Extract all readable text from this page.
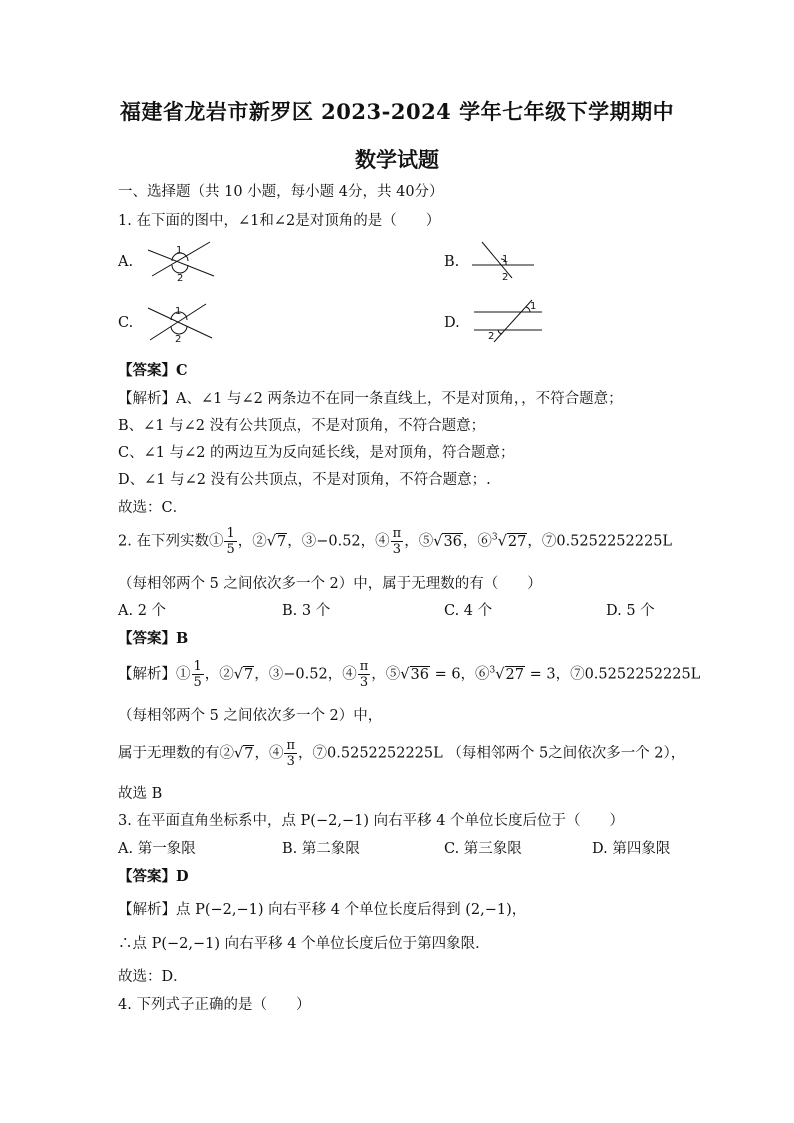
福建省龙岩市新罗区 2023-2024 学年七年级下学期期中
数学试题
一、选择题（共 10 小题，每小题 4分，共 40分）
1. 在下面的图中，∠1和∠2是对顶角的是（　　）
A.
1
2
B.	1
2
C.
1
2
D.
1
2
【答案】C
【解析】A、∠1 与∠2 两条边不在同一条直线上，不是对顶角，，不符合题意；
B、∠1 与∠2 没有公共顶点，不是对顶角，不符合题意；
C、∠1 与∠2 的两边互为反向延长线，是对顶角，符合题意；
D、∠1 与∠2 没有公共顶点，不是对顶角，不符合题意；.
故选：C．
2. 在下列实数① $\frac{1}{5}$ ，②√7，③−0.52，④ $\frac{\pi}{3}$ ，⑤√36，⑥$^3$√27，⑦0.5252252225L
（每相邻两个 5 之间依次多一个 2）中，属于无理数的有（　　）
A. 2 个	B. 3 个	C. 4 个	D. 5 个
【答案】B
【解析】① $\frac{1}{5}$ ，②√7，③−0.52，④ $\frac{\pi}{3}$ ，⑤√36 = 6，⑥$^3$√27 = 3，⑦0.5252252225L
（每相邻两个 5 之间依次多一个 2）中，
属于无理数的有②√7，④ $\frac{\pi}{3}$ ，⑦0.5252252225L （每相邻两个 5之间依次多一个 2），
故选 B
3. 在平面直角坐标系中，点 P(−2,−1) 向右平移 4 个单位长度后位于（　　）
A. 第一象限	B. 第二象限	C. 第三象限	D. 第四象限
【答案】D
【解析】点 P(−2,−1) 向右平移 4 个单位长度后得到 (2,−1)，
∴点 P(−2,−1) 向右平移 4 个单位长度后位于第四象限．
故选：D．
4. 下列式子正确的是（　　）
